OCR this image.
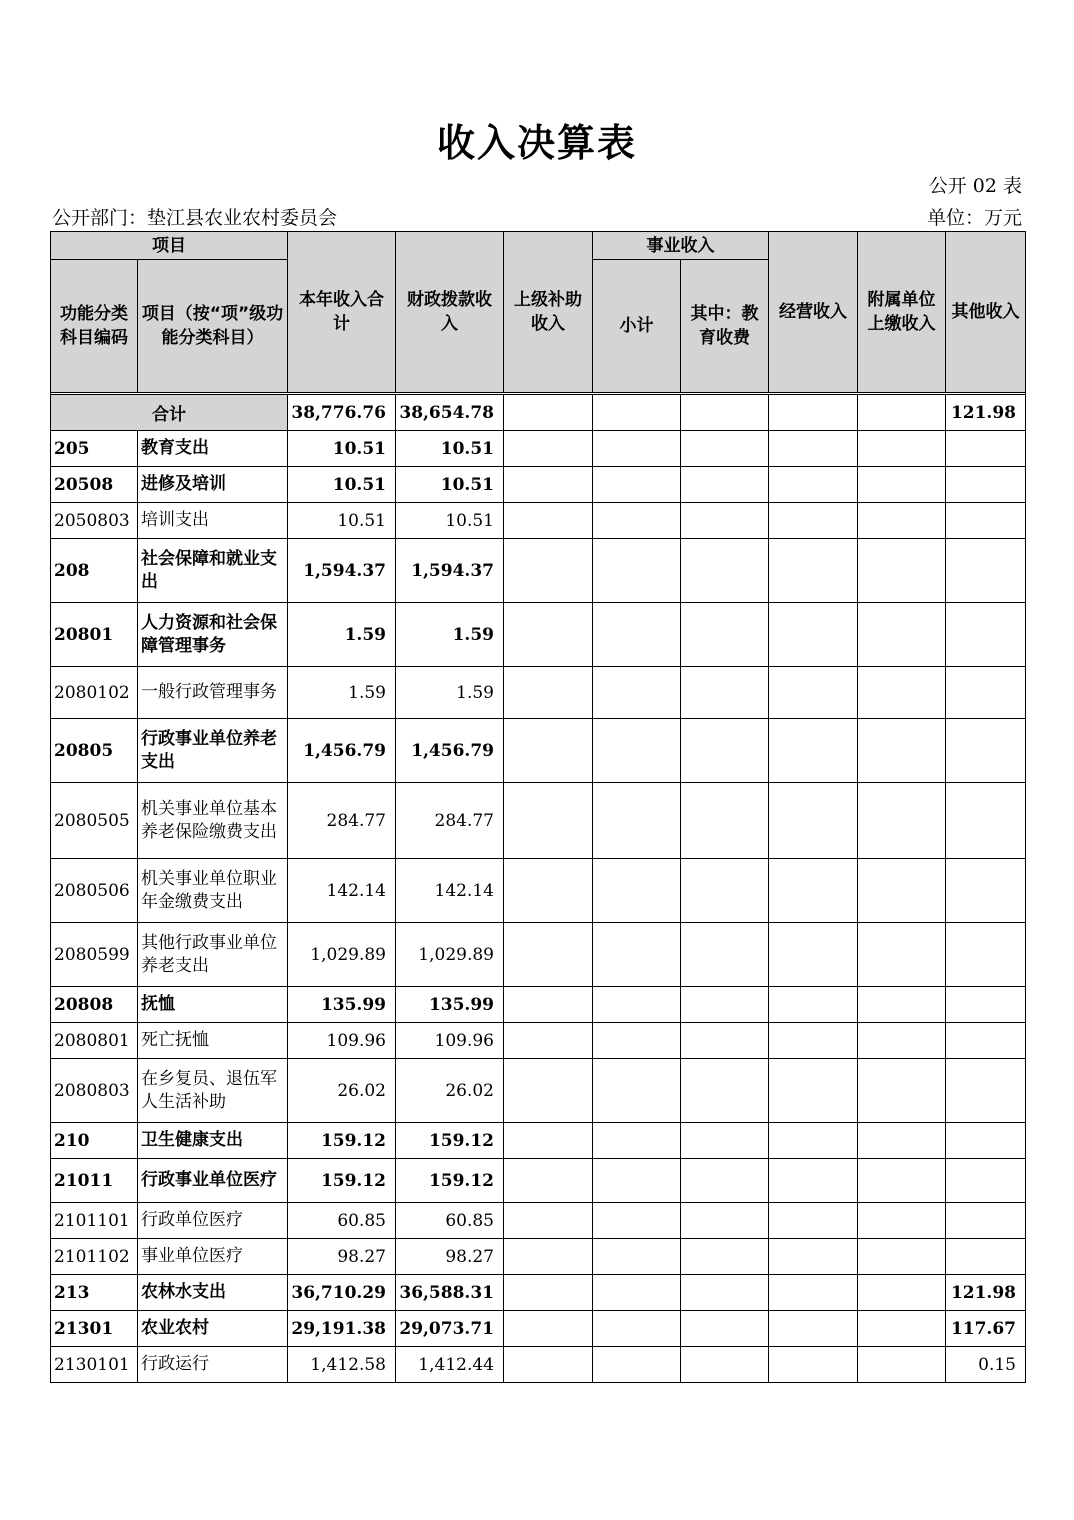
收入决算表
公开 02 表
公开部门：垫江县农业农村委员会	单位：万元
项目		本年收入合计	财政拨款收入	上级补助收入	事业收入		经营收入	附属单位上缴收入	其他收入
功能分类科目编码	项目（按“项”级功能分类科目）				小计	其中：教育收费			

合计		38,776.76	38,654.78						121.98
205	教育支出	10.51	10.51						
20508	进修及培训	10.51	10.51						
2050803	培训支出	10.51	10.51						
208	社会保障和就业支出	1,594.37	1,594.37						
20801	人力资源和社会保障管理事务	1.59	1.59						
2080102	一般行政管理事务	1.59	1.59						
20805	行政事业单位养老支出	1,456.79	1,456.79						
2080505	机关事业单位基本养老保险缴费支出	284.77	284.77						
2080506	机关事业单位职业年金缴费支出	142.14	142.14						
2080599	其他行政事业单位养老支出	1,029.89	1,029.89						
20808	抚恤	135.99	135.99						
2080801	死亡抚恤	109.96	109.96						
2080803	在乡复员、退伍军人生活补助	26.02	26.02						
210	卫生健康支出	159.12	159.12						
21011	行政事业单位医疗	159.12	159.12						
2101101	行政单位医疗	60.85	60.85						
2101102	事业单位医疗	98.27	98.27						
213	农林水支出	36,710.29	36,588.31						121.98
21301	农业农村	29,191.38	29,073.71						117.67
2130101	行政运行	1,412.58	1,412.44						0.15
